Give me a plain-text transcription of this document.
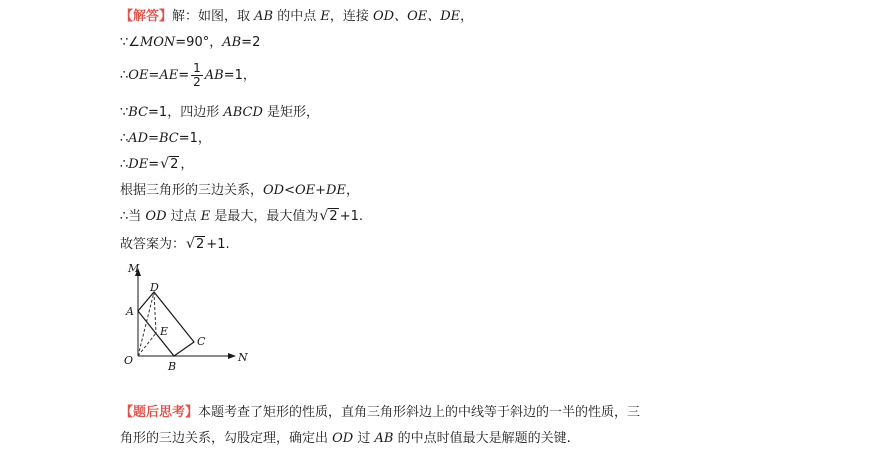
【解答】解：如图，取 AB 的中点 E，连接 OD、OE、DE，
∵∠MON=90°，AB=2
∴OE=AE= $\frac{1}{2} AB=1$，
∵BC=1，四边形 ABCD 是矩形，
∴AD=BC=1，
∴DE= √ 2 ，
根据三角形的三边关系，OD<OE+DE，
∴当 OD 过点 E 是最大，最大值为 √ 2 +1.
故答案为： √ 2 +1.
M
A
D
E
C
O	B
N
【题后思考】本题考查了矩形的性质，直角三角形斜边上的中线等于斜边的一半的性质，三
角形的三边关系，勾股定理，确定出 OD 过 AB 的中点时值最大是解题的关键.
